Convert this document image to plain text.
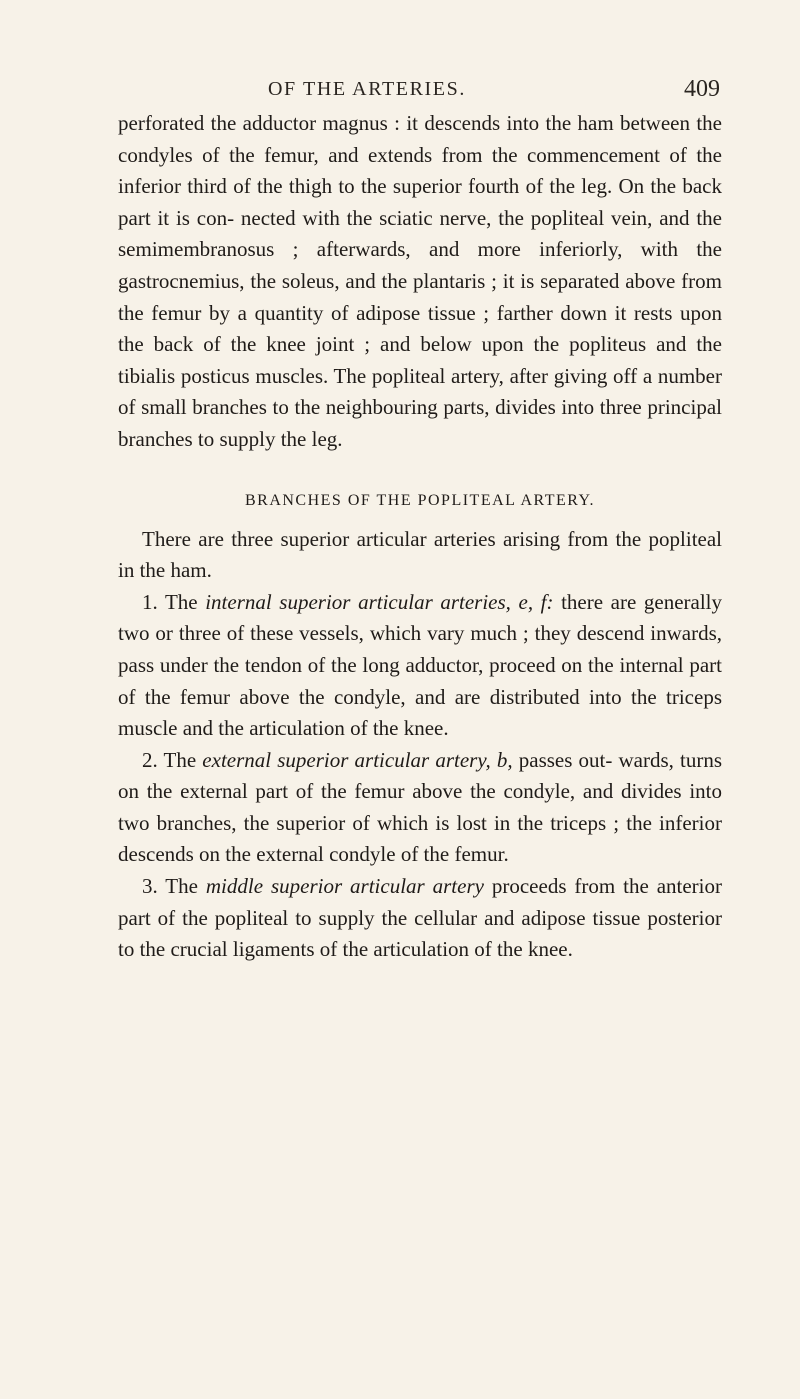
OF THE ARTERIES.	409

perforated the adductor magnus : it descends into the ham between the condyles of the femur, and extends from the commencement of the inferior third of the thigh to the superior fourth of the leg. On the back part it is con- nected with the sciatic nerve, the popliteal vein, and the semimembranosus ; afterwards, and more inferiorly, with the gastrocnemius, the soleus, and the plantaris ; it is separated above from the femur by a quantity of adipose tissue ; farther down it rests upon the back of the knee joint ; and below upon the popliteus and the tibialis posticus muscles. The popliteal artery, after giving off a number of small branches to the neighbouring parts, divides into three principal branches to supply the leg.

BRANCHES OF THE POPLITEAL ARTERY.

There are three superior articular arteries arising from the popliteal in the ham.

1. The internal superior articular arteries, e, f: there are generally two or three of these vessels, which vary much ; they descend inwards, pass under the tendon of the long adductor, proceed on the internal part of the femur above the condyle, and are distributed into the triceps muscle and the articulation of the knee.

2. The external superior articular artery, b, passes out- wards, turns on the external part of the femur above the condyle, and divides into two branches, the superior of which is lost in the triceps ; the inferior descends on the external condyle of the femur.

3. The middle superior articular artery proceeds from the anterior part of the popliteal to supply the cellular and adipose tissue posterior to the crucial ligaments of the articulation of the knee.
